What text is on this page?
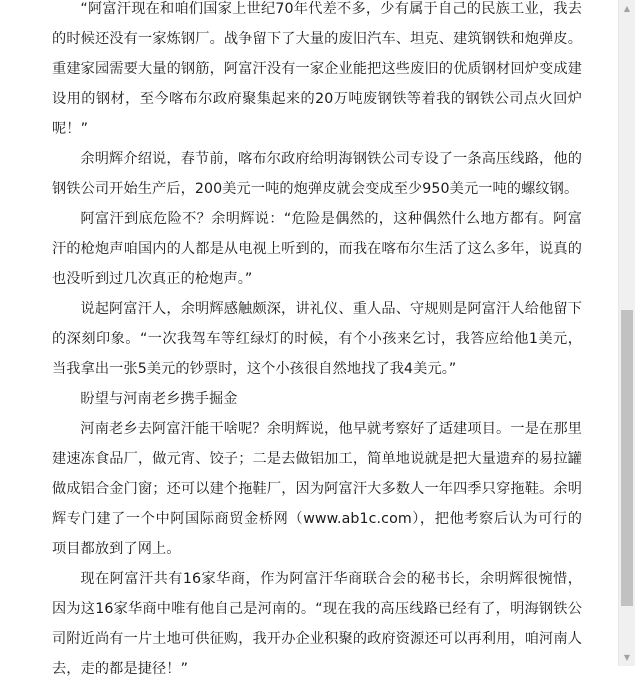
“阿富汗现在和咱们国家上世纪70年代差不多，少有属于自己的民族工业，我去的时候还没有一家炼钢厂。战争留下了大量的废旧汽车、坦克、建筑钢铁和炮弹皮。重建家园需要大量的钢筋，阿富汗没有一家企业能把这些废旧的优质钢材回炉变成建设用的钢材，至今喀布尔政府聚集起来的20万吨废钢铁等着我的钢铁公司点火回炉呢！”

余明辉介绍说，春节前，喀布尔政府给明海钢铁公司专设了一条高压线路，他的钢铁公司开始生产后，200美元一吨的炮弹皮就会变成至少950美元一吨的螺纹钢。

阿富汗到底危险不？余明辉说：“危险是偶然的，这种偶然什么地方都有。阿富汗的枪炮声咱国内的人都是从电视上听到的，而我在喀布尔生活了这么多年，说真的也没听到过几次真正的枪炮声。”

说起阿富汗人，余明辉感触颇深，讲礼仪、重人品、守规则是阿富汗人给他留下的深刻印象。“一次我驾车等红绿灯的时候，有个小孩来乞讨，我答应给他1美元，当我拿出一张5美元的钞票时，这个小孩很自然地找了我4美元。”

盼望与河南老乡携手掘金

河南老乡去阿富汗能干啥呢？余明辉说，他早就考察好了适建项目。一是在那里建速冻食品厂，做元宵、饺子；二是去做铝加工，简单地说就是把大量遗弃的易拉罐做成铝合金门窗；还可以建个拖鞋厂，因为阿富汗大多数人一年四季只穿拖鞋。余明辉专门建了一个中阿国际商贸金桥网（www.ab1c.com），把他考察后认为可行的项目都放到了网上。

现在阿富汗共有16家华商，作为阿富汗华商联合会的秘书长，余明辉很惋惜，因为这16家华商中唯有他自己是河南的。“现在我的高压线路已经有了，明海钢铁公司附近尚有一片土地可供征购，我开办企业积聚的政府资源还可以再利用，咱河南人去，走的都是捷径！”

▲
▼
